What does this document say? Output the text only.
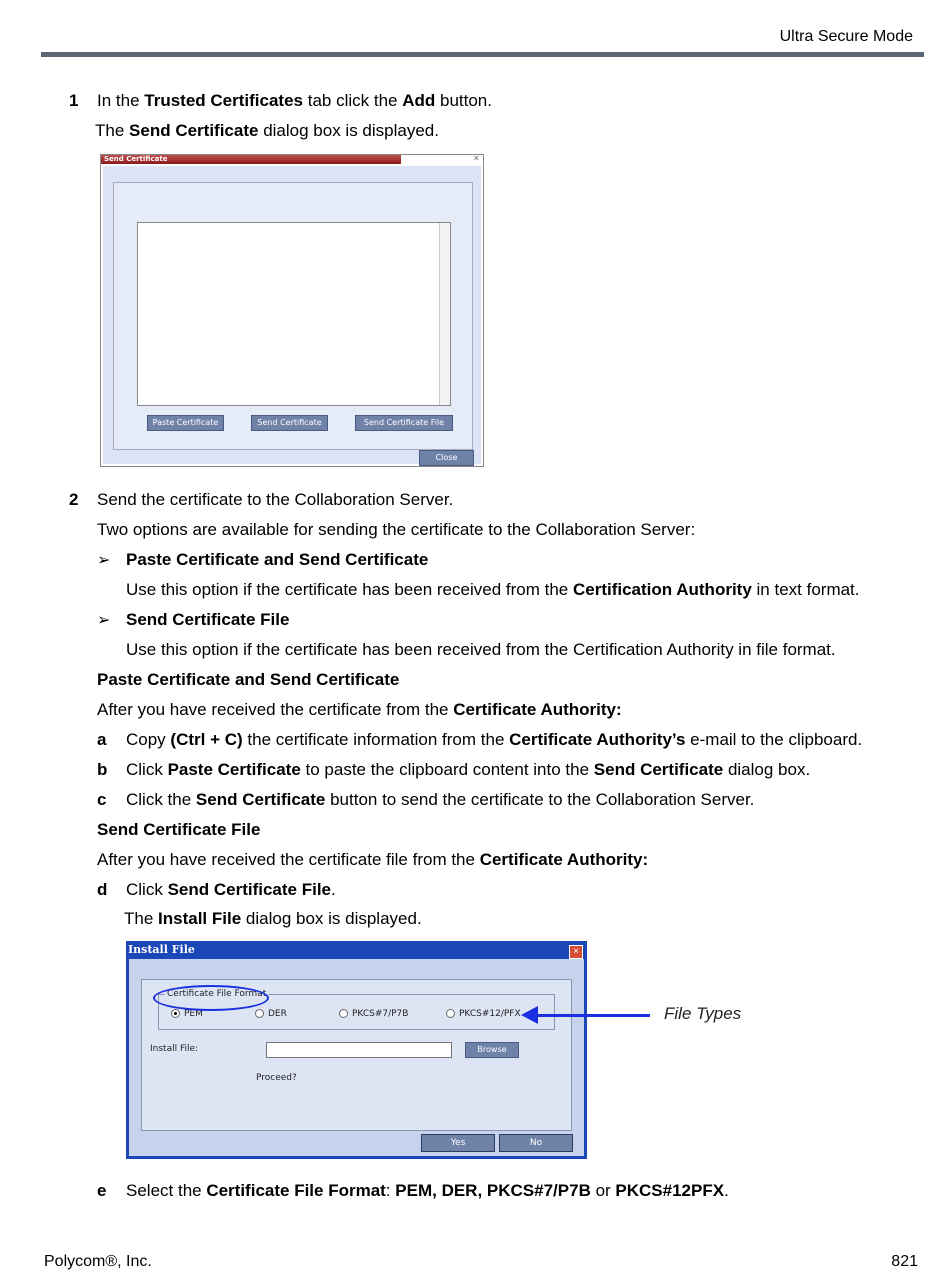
Ultra Secure Mode
1 In the Trusted Certificates tab click the Add button.
The Send Certificate dialog box is displayed.
Send Certificate	×
Paste Certificate	Send Certificate	Send Certificate File
Close
2 Send the certificate to the Collaboration Server.
Two options are available for sending the certificate to the Collaboration Server:
➢ Paste Certificate and Send Certificate
Use this option if the certificate has been received from the Certification Authority in text format.
➢ Send Certificate File
Use this option if the certificate has been received from the Certification Authority in file format.
Paste Certificate and Send Certificate
After you have received the certificate from the Certificate Authority:
a Copy (Ctrl + C) the certificate information from the Certificate Authority’s e-mail to the clipboard.
b Click Paste Certificate to paste the clipboard content into the Send Certificate dialog box.
c Click the Send Certificate button to send the certificate to the Collaboration Server.
Send Certificate File
After you have received the certificate file from the Certificate Authority:
d Click Send Certificate File.
The Install File dialog box is displayed.
Install File	×
Certificate File Format
PEM	DER	PKCS#7/P7B	PKCS#12/PFX
Install File:	Browse
Proceed?
Yes	No
File Types
e Select the Certificate File Format: PEM, DER, PKCS#7/P7B or PKCS#12PFX.
Polycom®, Inc.	821
